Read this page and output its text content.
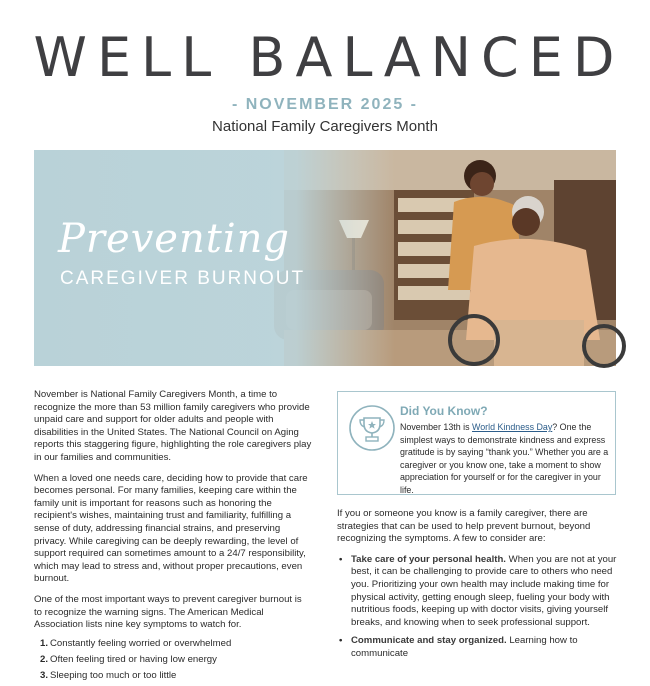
WELL BALANCED
- NOVEMBER 2025 -
National Family Caregivers Month
Preventing
CAREGIVER BURNOUT

November is National Family Caregivers Month, a time to recognize the more than 53 million family caregivers who provide unpaid care and support for older adults and people with disabilities in the United States. The National Council on Aging reports this staggering figure, highlighting the role caregivers play in our families and communities.

When a loved one needs care, deciding how to provide that care becomes personal. For many families, keeping care within the family unit is important for reasons such as honoring the recipient's wishes, maintaining trust and familiarity, fulfilling a sense of duty, addressing financial strains, and preserving privacy. While caregiving can be deeply rewarding, the level of support required can sometimes amount to a 24/7 responsibility, which may lead to stress and, without proper precautions, even burnout.

One of the most important ways to prevent caregiver burnout is to recognize the warning signs. The American Medical Association lists nine key symptoms to watch for.

1. Constantly feeling worried or overwhelmed
2. Often feeling tired or having low energy
3. Sleeping too much or too little
Did You Know?
November 13th is World Kindness Day? One the simplest ways to demonstrate kindness and express gratitude is by saying “thank you.” Whether you are a caregiver or you know one, take a moment to show appreciation for yourself or for the caregiver in your life.

If you or someone you know is a family caregiver, there are strategies that can be used to help prevent burnout, beyond recognizing the symptoms. A few to consider are:

• Take care of your personal health. When you are not at your best, it can be challenging to provide care to others who need you. Prioritizing your own health may include making time for physical activity, getting enough sleep, fueling your body with nutritious foods, keeping up with doctor visits, giving yourself breaks, and knowing when to seek professional support.
• Communicate and stay organized. Learning how to communicate
